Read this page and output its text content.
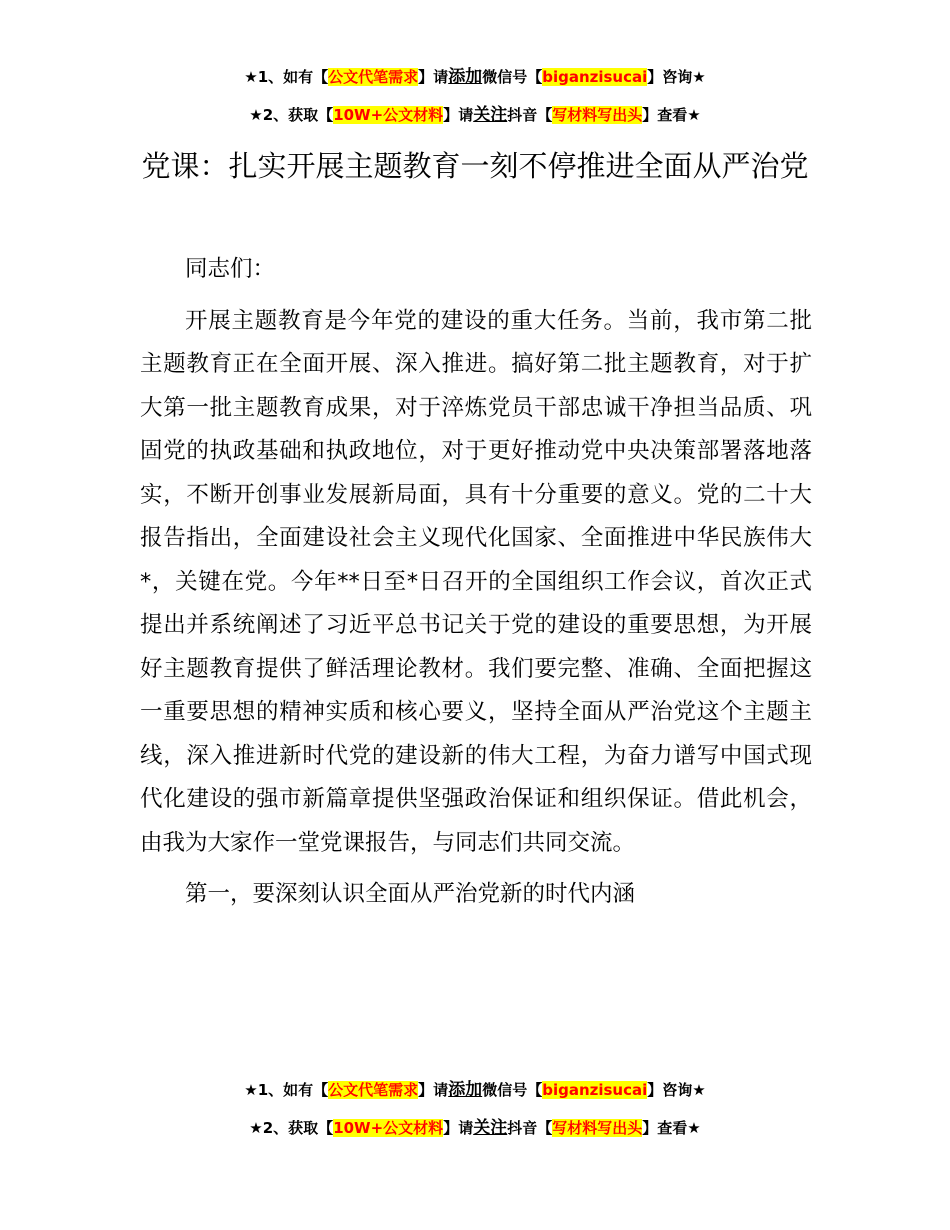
★1、如有【公文代笔需求】请添加微信号【biganzisucai】咨询★
★2、获取【10W+公文材料】请关注抖音【写材料写出头】查看★
党课：扎实开展主题教育一刻不停推进全面从严治党

同志们：

开展主题教育是今年党的建设的重大任务。当前，我市第二批主题教育正在全面开展、深入推进。搞好第二批主题教育，对于扩大第一批主题教育成果，对于淬炼党员干部忠诚干净担当品质、巩固党的执政基础和执政地位，对于更好推动党中央决策部署落地落实，不断开创事业发展新局面，具有十分重要的意义。党的二十大报告指出，全面建设社会主义现代化国家、全面推进中华民族伟大*，关键在党。今年**日至*日召开的全国组织工作会议，首次正式提出并系统阐述了习近平总书记关于党的建设的重要思想，为开展好主题教育提供了鲜活理论教材。我们要完整、准确、全面把握这一重要思想的精神实质和核心要义，坚持全面从严治党这个主题主线，深入推进新时代党的建设新的伟大工程，为奋力谱写中国式现代化建设的强市新篇章提供坚强政治保证和组织保证。借此机会，由我为大家作一堂党课报告，与同志们共同交流。

第一，要深刻认识全面从严治党新的时代内涵

★1、如有【公文代笔需求】请添加微信号【biganzisucai】咨询★
★2、获取【10W+公文材料】请关注抖音【写材料写出头】查看★
